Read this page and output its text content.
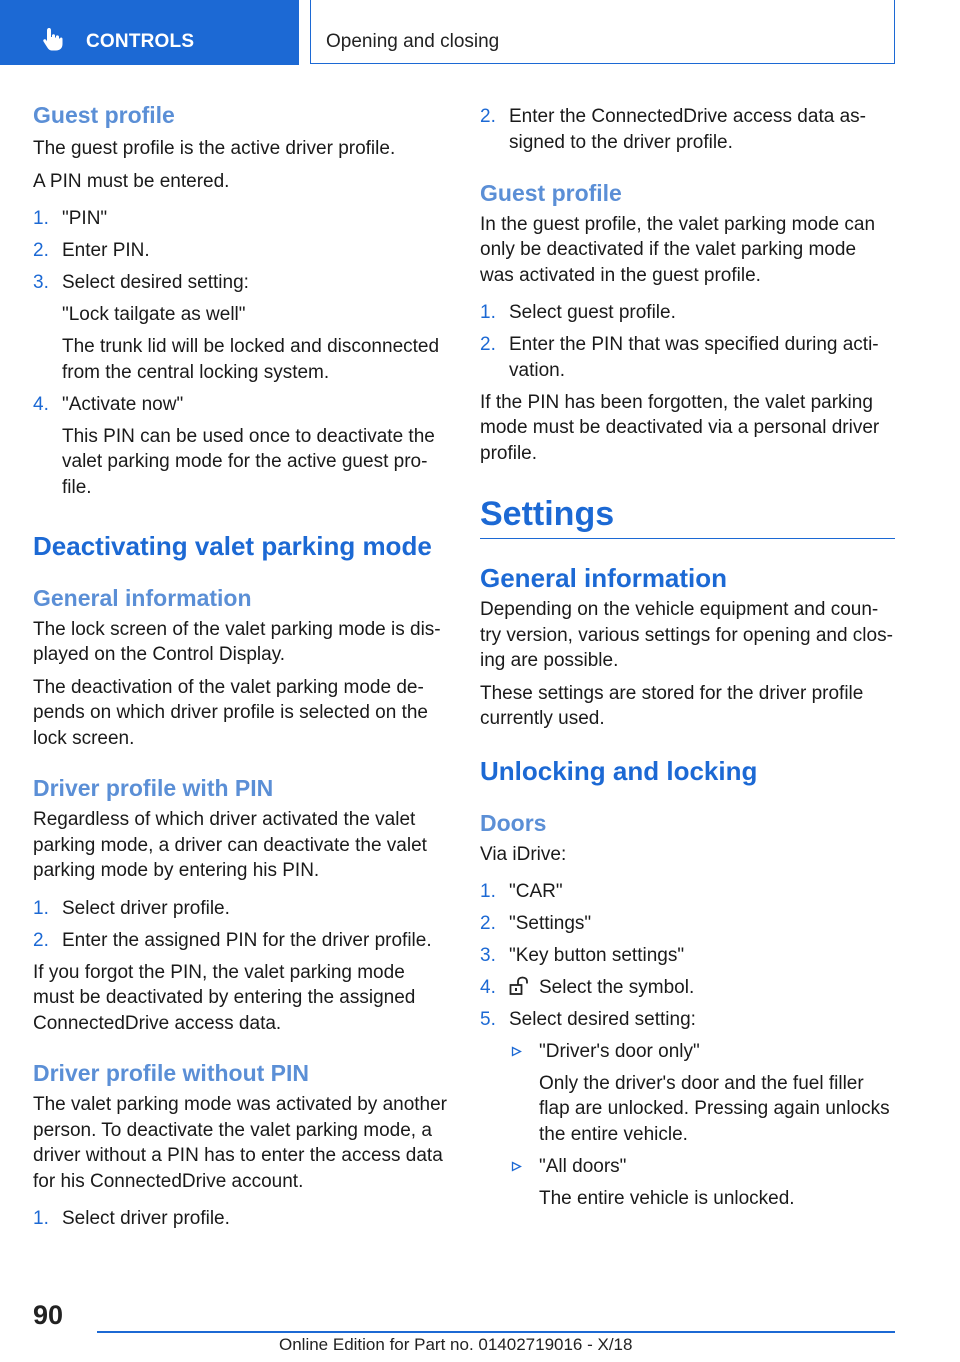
CONTROLS	Opening and closing
Guest profile

The guest profile is the active driver profile.

A PIN must be entered.

1. "PIN"
2. Enter PIN.
3. Select desired setting:
"Lock tailgate as well"
The trunk lid will be locked and disconnected from the central locking system.
4. "Activate now"
This PIN can be used once to deactivate the valet parking mode for the active guest pro‐file.
Deactivating valet parking mode
General information

The lock screen of the valet parking mode is dis‐played on the Control Display.

The deactivation of the valet parking mode de‐pends on which driver profile is selected on the lock screen.

Driver profile with PIN

Regardless of which driver activated the valet parking mode, a driver can deactivate the valet parking mode by entering his PIN.

1. Select driver profile.
2. Enter the assigned PIN for the driver profile.

If you forgot the PIN, the valet parking mode must be deactivated by entering the assigned ConnectedDrive access data.

Driver profile without PIN

The valet parking mode was activated by another person. To deactivate the valet parking mode, a driver without a PIN has to enter the access data for his ConnectedDrive account.

1. Select driver profile.
2. Enter the ConnectedDrive access data as‐signed to the driver profile.
Guest profile

In the guest profile, the valet parking mode can only be deactivated if the valet parking mode was activated in the guest profile.

1. Select guest profile.
2. Enter the PIN that was specified during acti‐vation.

If the PIN has been forgotten, the valet parking mode must be deactivated via a personal driver profile.

Settings
General information

Depending on the vehicle equipment and coun‐try version, various settings for opening and clos‐ing are possible.

These settings are stored for the driver profile currently used.

Unlocking and locking
Doors

Via iDrive:

1. "CAR"
2. "Settings"
3. "Key button settings"
4. Select the symbol.
5. Select desired setting:
"Driver's door only"
Only the driver's door and the fuel filler flap are unlocked. Pressing again unlocks the entire vehicle.
"All doors"
The entire vehicle is unlocked.
90
Online Edition for Part no. 01402719016 - X/18
